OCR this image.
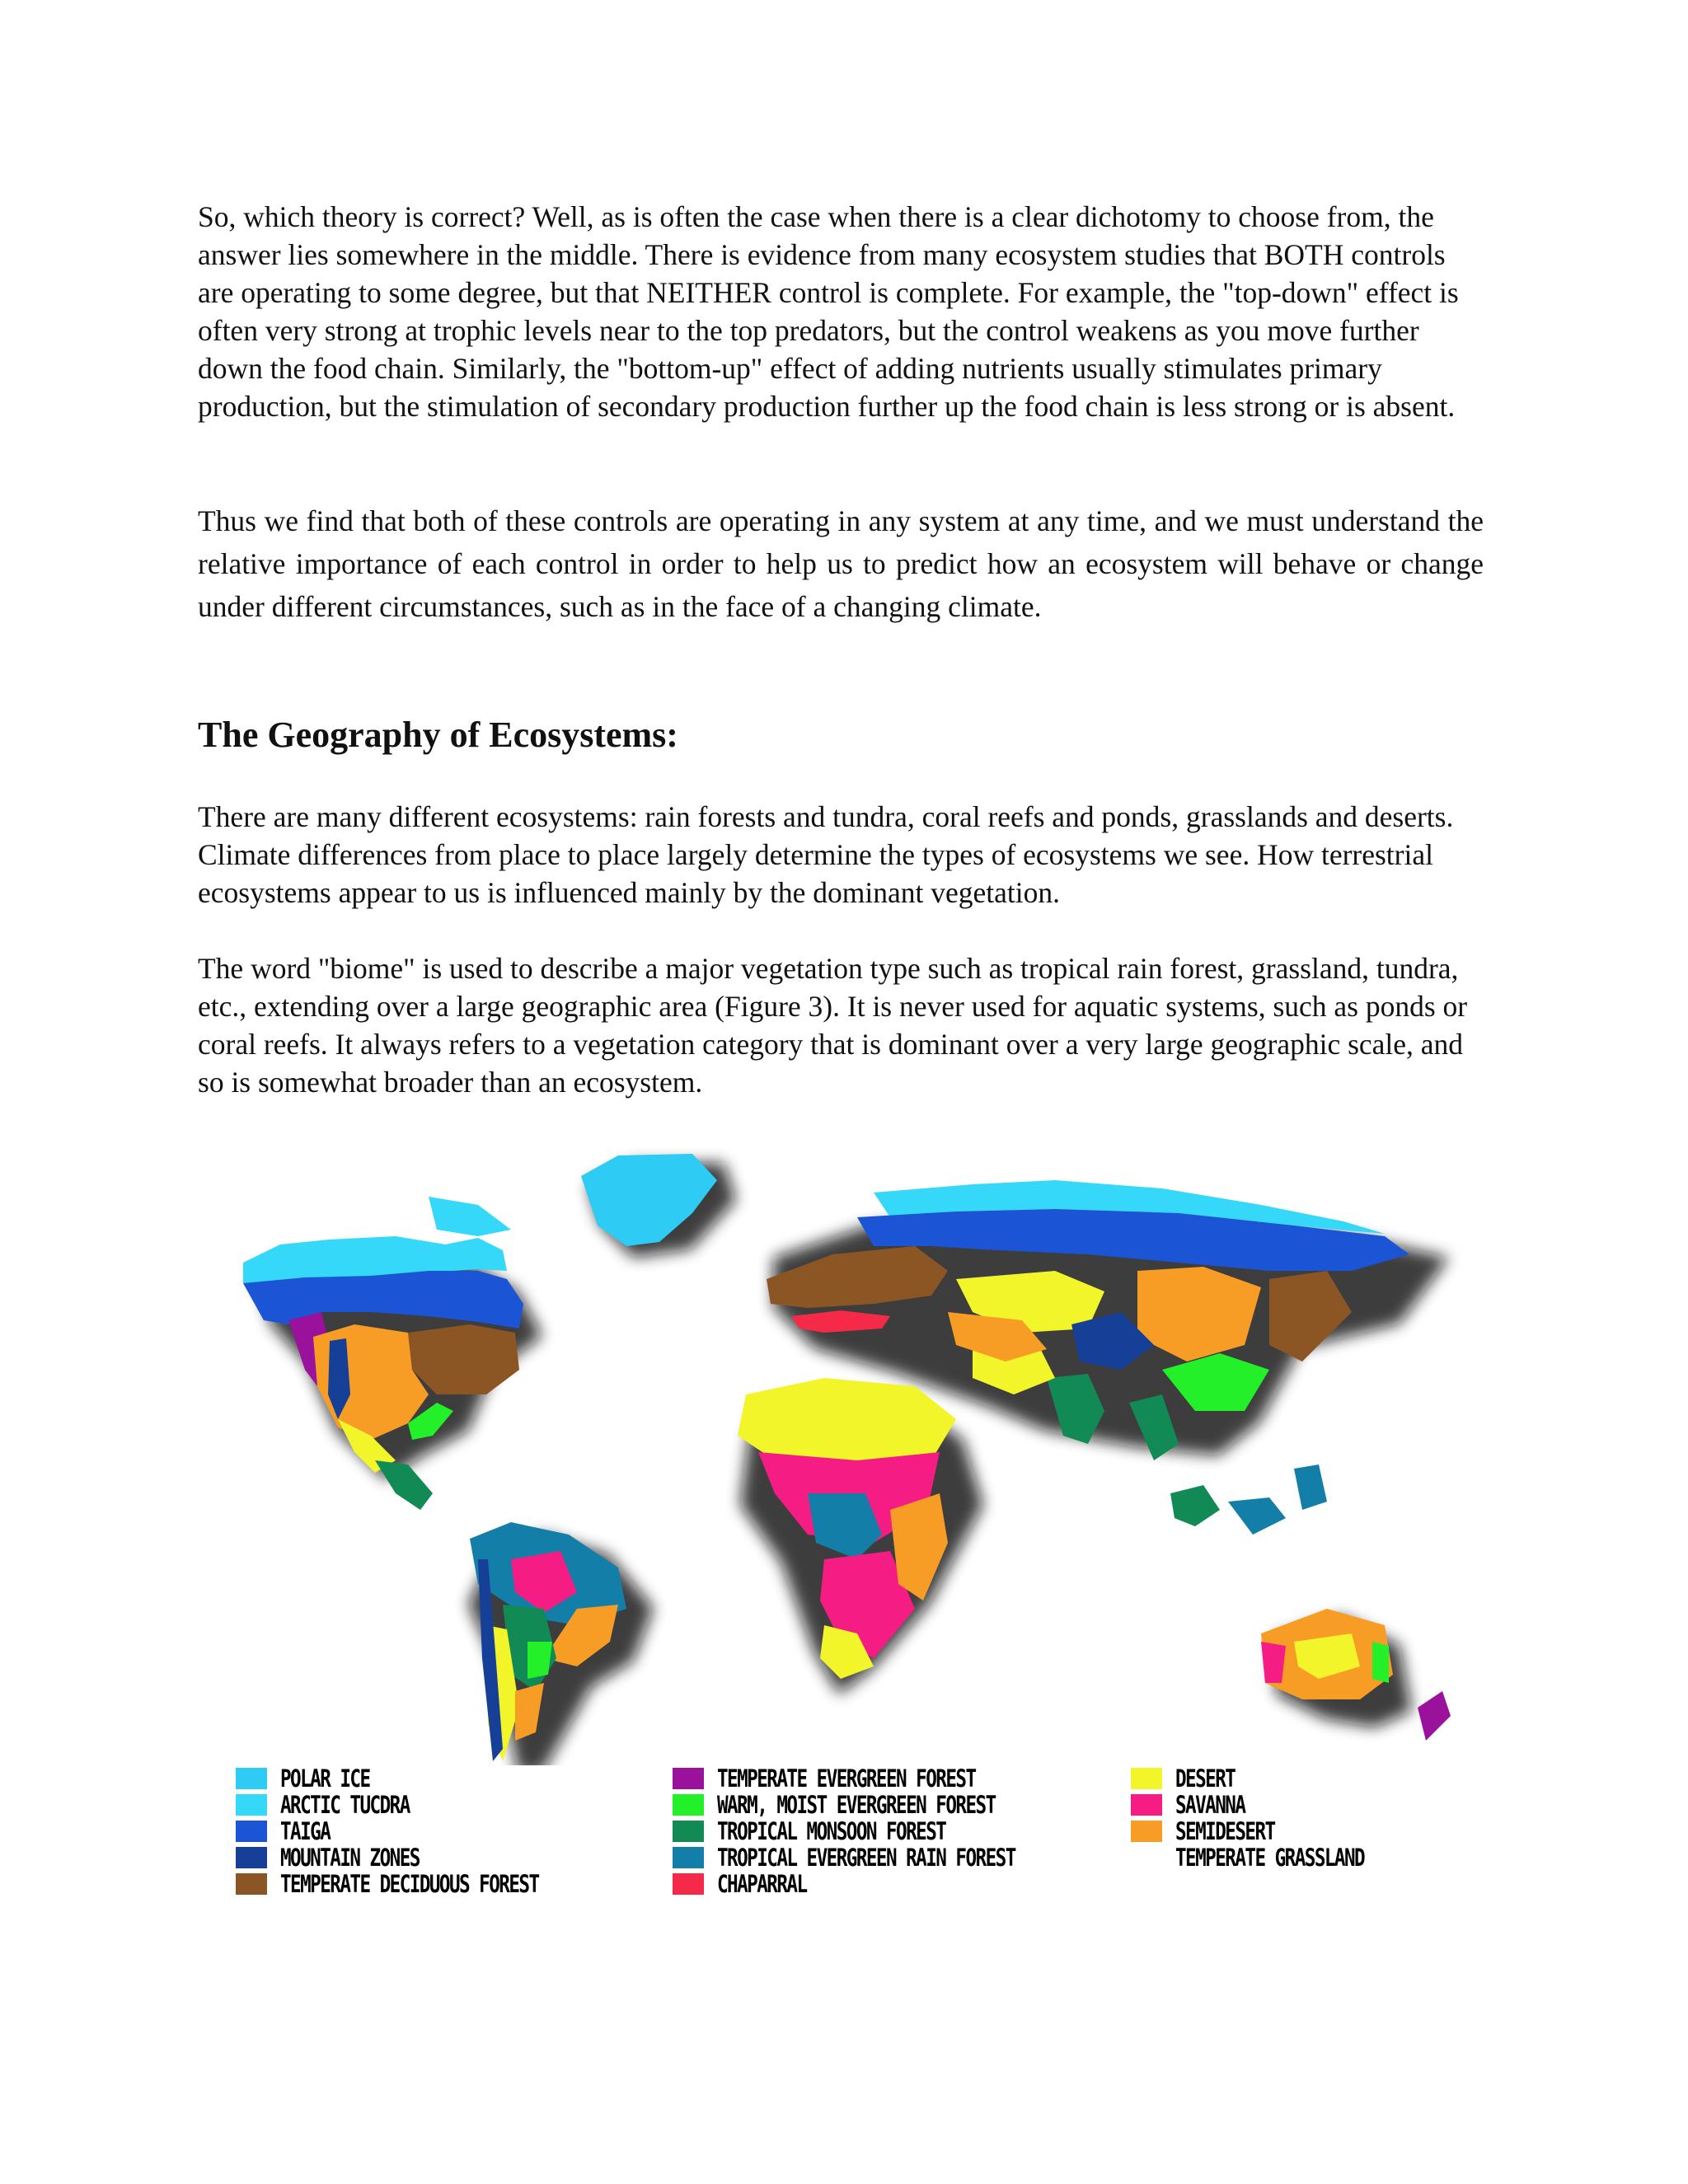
So, which theory is correct? Well, as is often the case when there is a clear dichotomy to choose from, the answer lies somewhere in the middle. There is evidence from many ecosystem studies that BOTH controls are operating to some degree, but that NEITHER control is complete. For example, the "top-down" effect is often very strong at trophic levels near to the top predators, but the control weakens as you move further down the food chain. Similarly, the "bottom-up" effect of adding nutrients usually stimulates primary production, but the stimulation of secondary production further up the food chain is less strong or is absent.

Thus we find that both of these controls are operating in any system at any time, and we must understand the relative importance of each control in order to help us to predict how an ecosystem will behave or change under different circumstances, such as in the face of a changing climate.

The Geography of Ecosystems:

There are many different ecosystems: rain forests and tundra, coral reefs and ponds, grasslands and deserts. Climate differences from place to place largely determine the types of ecosystems we see. How terrestrial ecosystems appear to us is influenced mainly by the dominant vegetation.

The word "biome" is used to describe a major vegetation type such as tropical rain forest, grassland, tundra, etc., extending over a large geographic area (Figure 3). It is never used for aquatic systems, such as ponds or coral reefs. It always refers to a vegetation category that is dominant over a very large geographic scale, and so is somewhat broader than an ecosystem.

POLAR ICE
ARCTIC TUCDRA
TAIGA
MOUNTAIN ZONES
TEMPERATE DECIDUOUS FOREST
TEMPERATE EVERGREEN FOREST
WARM, MOIST EVERGREEN FOREST
TROPICAL MONSOON FOREST
TROPICAL EVERGREEN RAIN FOREST
CHAPARRAL
DESERT
SAVANNA
SEMIDESERT
TEMPERATE GRASSLAND
